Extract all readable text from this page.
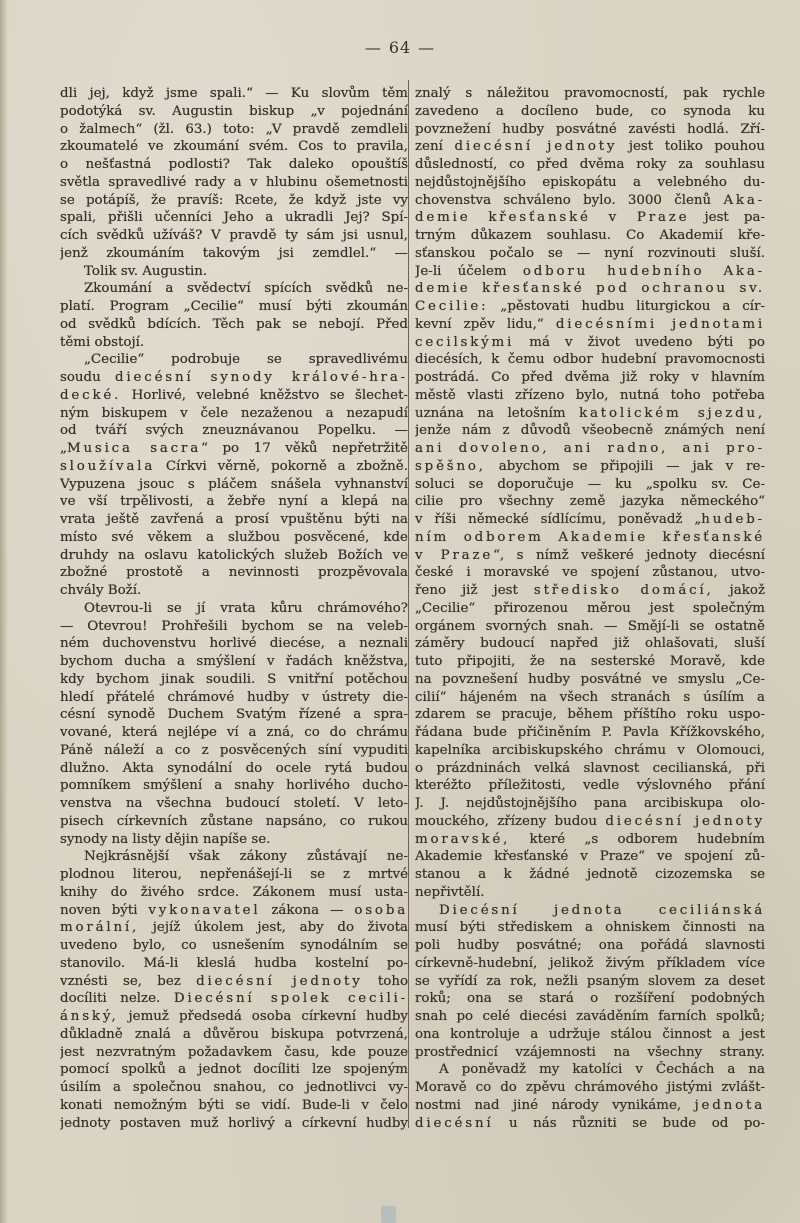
— 64 —
dli jej, když jsme spali.“ — Ku slovům těm
podotýká sv. Augustin biskup „v pojednání
o žalmech“ (žl. 63.) toto: „V pravdě zemdleli
zkoumatelé ve zkoumání svém. Cos to pravila,
o nešťastná podlosti? Tak daleko opouštíš
světla spravedlivé rady a v hlubinu ošemetnosti
se potápíš, že pravíš: Rcete, že když jste vy
spali, přišli učenníci Jeho a ukradli Jej? Spí-
cích svědků užíváš? V pravdě ty sám jsi usnul,
jenž zkoumáním takovým jsi zemdlel.“ —
Tolik sv. Augustin.
Zkoumání a svědectví spících svědků ne-
platí. Program „Cecilie“ musí býti zkoumán
od svědků bdících. Těch pak se nebojí. Před
těmi obstojí.
„Cecilie“ podrobuje se spravedlivému
soudu diecésní synody králové-hra-
decké. Horlivé, velebné kněžstvo se šlechet-
ným biskupem v čele nezaženou a nezapudí
od tváří svých zneuznávanou Popelku. —
„Musica sacra“ po 17 věků nepřetržitě
sloužívala Církvi věrně, pokorně a zbožně.
Vypuzena jsouc s pláčem snášela vyhnanství
ve vší trpělivosti, a žebře nyní a klepá na
vrata ještě zavřená a prosí vpuštěnu býti na
místo své věkem a službou posvěcené, kde
druhdy na oslavu katolických služeb Božích ve
zbožné prostotě a nevinnosti prozpěvovala
chvály Boží.
Otevrou-li se jí vrata kůru chrámového?
— Otevrou! Prohřešili bychom se na veleb-
ném duchovenstvu horlivé diecése, a neznali
bychom ducha a smýšlení v řadách kněžstva,
kdy bychom jinak soudili. S vnitřní potěchou
hledí přátelé chrámové hudby v ústrety die-
césní synodě Duchem Svatým řízené a spra-
vované, která nejlépe ví a zná, co do chrámu
Páně náleží a co z posvěcených síní vypuditi
dlužno. Akta synodální do ocele rytá budou
pomníkem smýšlení a snahy horlivého ducho-
venstva na všechna budoucí století. V leto-
pisech církevních zůstane napsáno, co rukou
synody na listy dějin napíše se.
Nejkrásnější však zákony zůstávají ne-
plodnou literou, nepřenášejí-li se z mrtvé
knihy do živého srdce. Zákonem musí usta-
noven býti vykonavatel zákona — osoba
morální, jejíž úkolem jest, aby do života
uvedeno bylo, co usnešením synodálním se
stanovilo. Má-li kleslá hudba kostelní po-
vznésti se, bez diecésní jednoty toho
docíliti nelze. Diecésní spolek cecili-
ánský, jemuž předsedá osoba církevní hudby
důkladně znalá a důvěrou biskupa potvrzená,
jest nezvratným požadavkem času, kde pouze
pomocí spolků a jednot docíliti lze spojeným
úsilím a společnou snahou, co jednotlivci vy-
konati nemožným býti se vidí. Bude-li v čelo
jednoty postaven muž horlivý a církevní hudby
znalý s náležitou pravomocností, pak rychle
zavedeno a docíleno bude, co synoda ku
povznežení hudby posvátné zavésti hodlá. Zří-
zení diecésní jednoty jest toliko pouhou
důsledností, co před dvěma roky za souhlasu
nejdůstojnějšího episkopátu a velebného du-
chovenstva schváleno bylo. 3000 členů Aka-
demie křesťanské v Praze jest pa-
trným důkazem souhlasu. Co Akademií kře-
sťanskou počalo se — nyní rozvinouti sluší.
Je-li účelem odboru hudebního Aka-
demie křesťanské pod ochranou sv.
Cecilie: „pěstovati hudbu liturgickou a cír-
kevní zpěv lidu,“ diecésními jednotami
cecilskými má v život uvedeno býti po
diecésích, k čemu odbor hudební pravomocnosti
postrádá. Co před dvěma již roky v hlavním
městě vlasti zřízeno bylo, nutná toho potřeba
uznána na letošním katolickém sjezdu,
jenže nám z důvodů všeobecně známých není
ani dovoleno, ani radno, ani pro-
spěšno, abychom se připojili — jak v re-
soluci se doporučuje — ku „spolku sv. Ce-
cilie pro všechny země jazyka německého“
v říši německé sídlícímu, poněvadž „hudeb-
ním odborem Akademie křesťanské
v Praze“, s nímž veškeré jednoty diecésní
české i moravské ve spojení zůstanou, utvo-
řeno již jest středisko domácí, jakož
„Cecilie“ přirozenou měrou jest společným
orgánem svorných snah. — Smějí-li se ostatně
záměry budoucí napřed již ohlašovati, sluší
tuto připojiti, že na sesterské Moravě, kde
na povznešení hudby posvátné ve smyslu „Ce-
cilií“ hájeném na všech stranách s úsílím a
zdarem se pracuje, během příštího roku uspo-
řádana bude přičiněním P. Pavla Křížkovského,
kapelníka arcibiskupského chrámu v Olomouci,
o prázdninách velká slavnost cecilianská, při
kteréžto příležitosti, vedle výslovného přání
J. J. nejdůstojnějšího pana arcibiskupa olo-
mouckého, zřízeny budou diecésní jednoty
moravské, které „s odborem hudebním
Akademie křesťanské v Praze“ ve spojení zů-
stanou a k žádné jednotě cizozemska se
nepřivtělí.
Diecésní jednota ceciliánská
musí býti střediskem a ohniskem činnosti na
poli hudby posvátné; ona pořádá slavnosti
církevně-hudební, jelikož živým příkladem více
se vyřídí za rok, nežli psaným slovem za deset
roků; ona se stará o rozšíření podobných
snah po celé diecési zaváděním farních spolků;
ona kontroluje a udržuje stálou činnost a jest
prostřednicí vzájemnosti na všechny strany.
A poněvadž my katolíci v Čechách a na
Moravě co do zpěvu chrámového jistými zvlášt-
nostmi nad jiné národy vynikáme, jednota
diecésní u nás různiti se bude od po-
